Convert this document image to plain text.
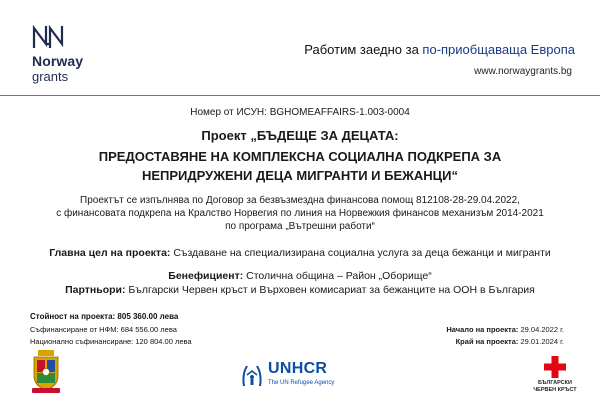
Norway
grants
Работим заедно за по-приобщаваща Европа
www.norwaygrants.bg
Номер от ИСУН: BGHOMEAFFAIRS-1.003-0004
Проект „БЪДЕЩЕ ЗА ДЕЦАТА:
ПРЕДОСТАВЯНЕ НА КОМПЛЕКСНА СОЦИАЛНА ПОДКРЕПА ЗА
НЕПРИДРУЖЕНИ ДЕЦА МИГРАНТИ И БЕЖАНЦИ“
Проектът се изпълнява по Договор за безвъзмездна финансова помощ 812108-28-29.04.2022,
с финансовата подкрепа на Кралство Норвегия по линия на Норвежкия финансов механизъм 2014-2021
по програма „Вътрешни работи“
Главна цел на проекта: Създаване на специализирана социална услуга за деца бежанци и мигранти
Бенефициент: Столична община – Район „Оборище“
Партньори: Български Червен кръст и Върховен комисариат за бежанците на ООН в България
Стойност на проекта: 805 360.00 лева
Съфинансиране от НФМ: 684 556.00 лева
Национално съфинансиране: 120 804.00 лева
Начало на проекта: 29.04.2022 г.
Край на проекта: 29.01.2024 г.
UNHCR
The UN Refugee Agency	БЪЛГАРСКИ
ЧЕРВЕН КРЪСТ
